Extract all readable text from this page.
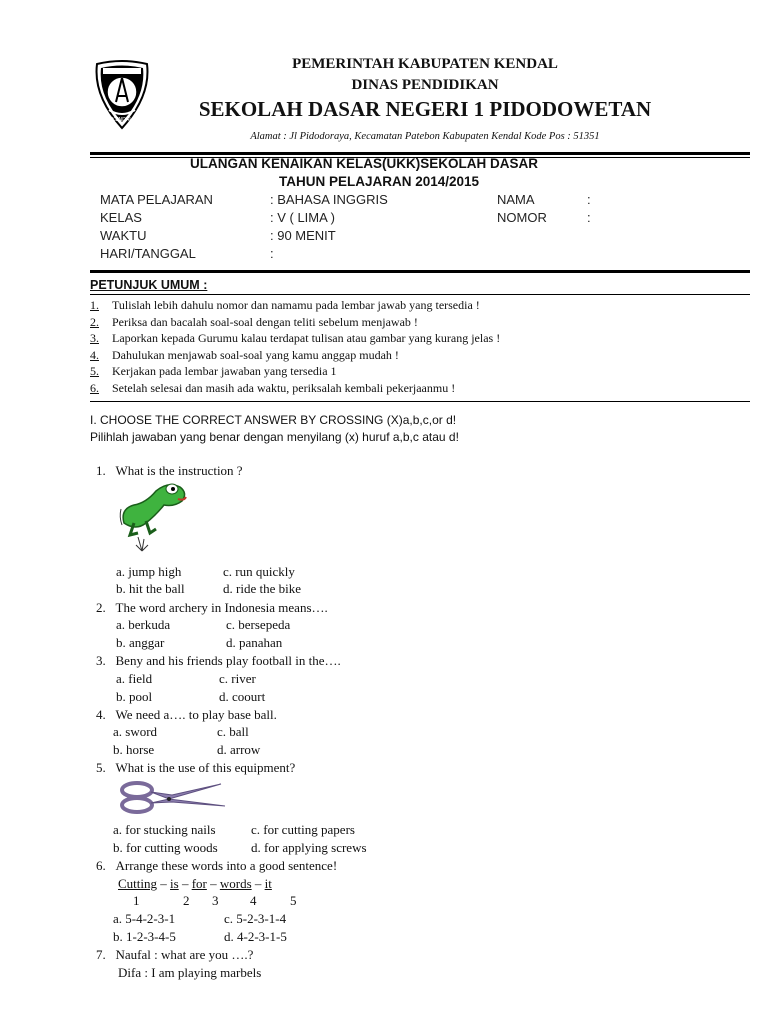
KENDAL
PEMERINTAH KABUPATEN KENDAL
DINAS PENDIDIKAN
SEKOLAH DASAR NEGERI 1 PIDODOWETAN
Alamat : Jl Pidodoraya, Kecamatan Patebon Kabupaten Kendal Kode Pos : 51351
ULANGAN KENAIKAN KELAS(UKK)SEKOLAH DASAR
TAHUN PELAJARAN 2014/2015
MATA PELAJARAN	: BAHASA INGGRIS
KELAS	: V ( LIMA )
WAKTU	: 90 MENIT
HARI/TANGGAL	:
NAMA	:
NOMOR	:
PETUNJUK UMUM :
1. Tulislah lebih dahulu nomor dan namamu pada lembar jawab yang tersedia !
2. Periksa dan bacalah soal-soal dengan teliti sebelum menjawab !
3. Laporkan kepada Gurumu kalau terdapat tulisan atau gambar yang kurang jelas !
4. Dahulukan menjawab soal-soal yang kamu anggap mudah !
5. Kerjakan pada lembar jawaban yang tersedia 1
6. Setelah selesai dan masih ada waktu, periksalah kembali pekerjaanmu !
I. CHOOSE THE CORRECT ANSWER BY CROSSING (X)a,b,c,or d!
Pilihlah jawaban yang benar dengan menyilang (x) huruf a,b,c atau d!
1. What is the instruction ?
a. jump high	c. run quickly
b. hit the ball	d. ride the bike
2. The word archery in Indonesia means….
a. berkuda	c. bersepeda
b. anggar	d. panahan
3. Beny and his friends play football in the….
a. field	c. river
b. pool	d. coourt
4. We need a…. to play base ball.
a. sword	c. ball
b. horse	d. arrow
5. What is the use of this equipment?
a. for stucking nails	c. for cutting papers
b. for cutting woods	d. for applying screws
6. Arrange these words into a good sentence!
Cutting – is – for – words – it
1	2 3 4	5
a. 5-4-2-3-1	c. 5-2-3-1-4
b. 1-2-3-4-5	d. 4-2-3-1-5
7. Naufal : what are you ….?
Difa : I am playing marbels
